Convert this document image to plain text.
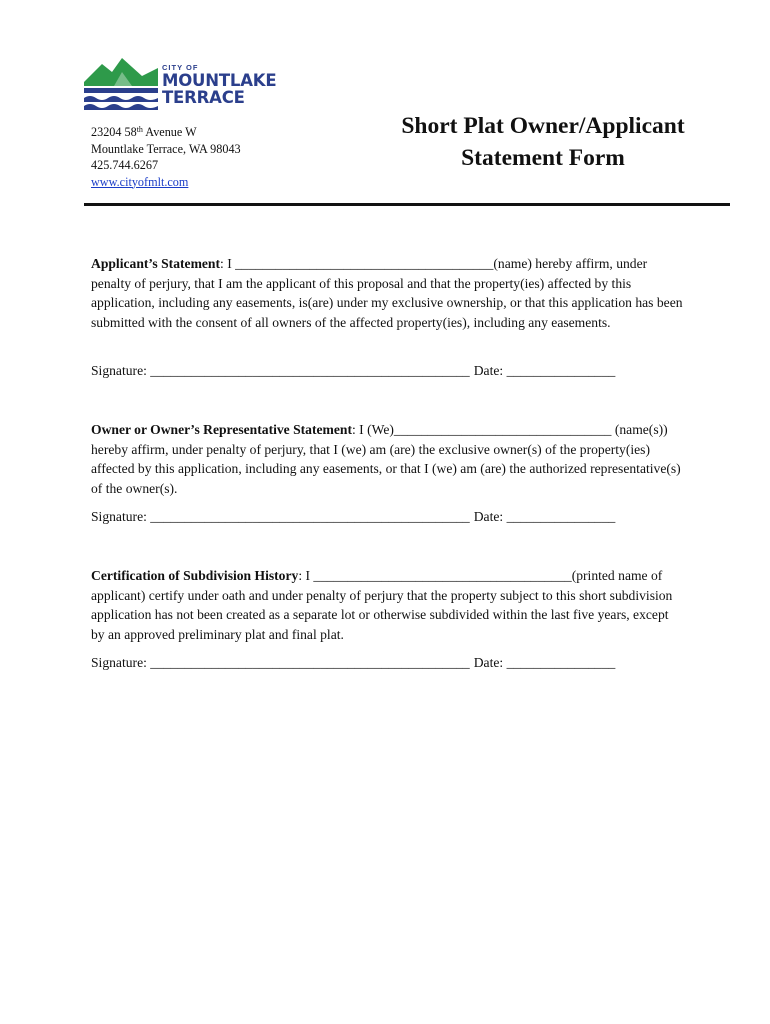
CITY OF
MOUNTLAKE
TERRACE
23204 58th Avenue W
Mountlake Terrace, WA 98043
425.744.6267
www.cityofmlt.com
Short Plat Owner/Applicant
Statement Form
Applicant’s Statement: I ______________________________________(name) hereby affirm, under penalty of perjury, that I am the applicant of this proposal and that the property(ies) affected by this application, including any easements, is(are) under my exclusive ownership, or that this application has been submitted with the consent of all owners of the affected property(ies), including any easements.
Signature: _______________________________________________ Date: ________________
Owner or Owner’s Representative Statement: I (We)________________________________ (name(s)) hereby affirm, under penalty of perjury, that I (we) am (are) the exclusive owner(s) of the property(ies) affected by this application, including any easements, or that I (we) am (are) the authorized representative(s) of the owner(s).
Signature: _______________________________________________ Date: ________________
Certification of Subdivision History: I ______________________________________(printed name of applicant) certify under oath and under penalty of perjury that the property subject to this short subdivision application has not been created as a separate lot or otherwise subdivided within the last five years, except by an approved preliminary plat and final plat.
Signature: _______________________________________________ Date: ________________
